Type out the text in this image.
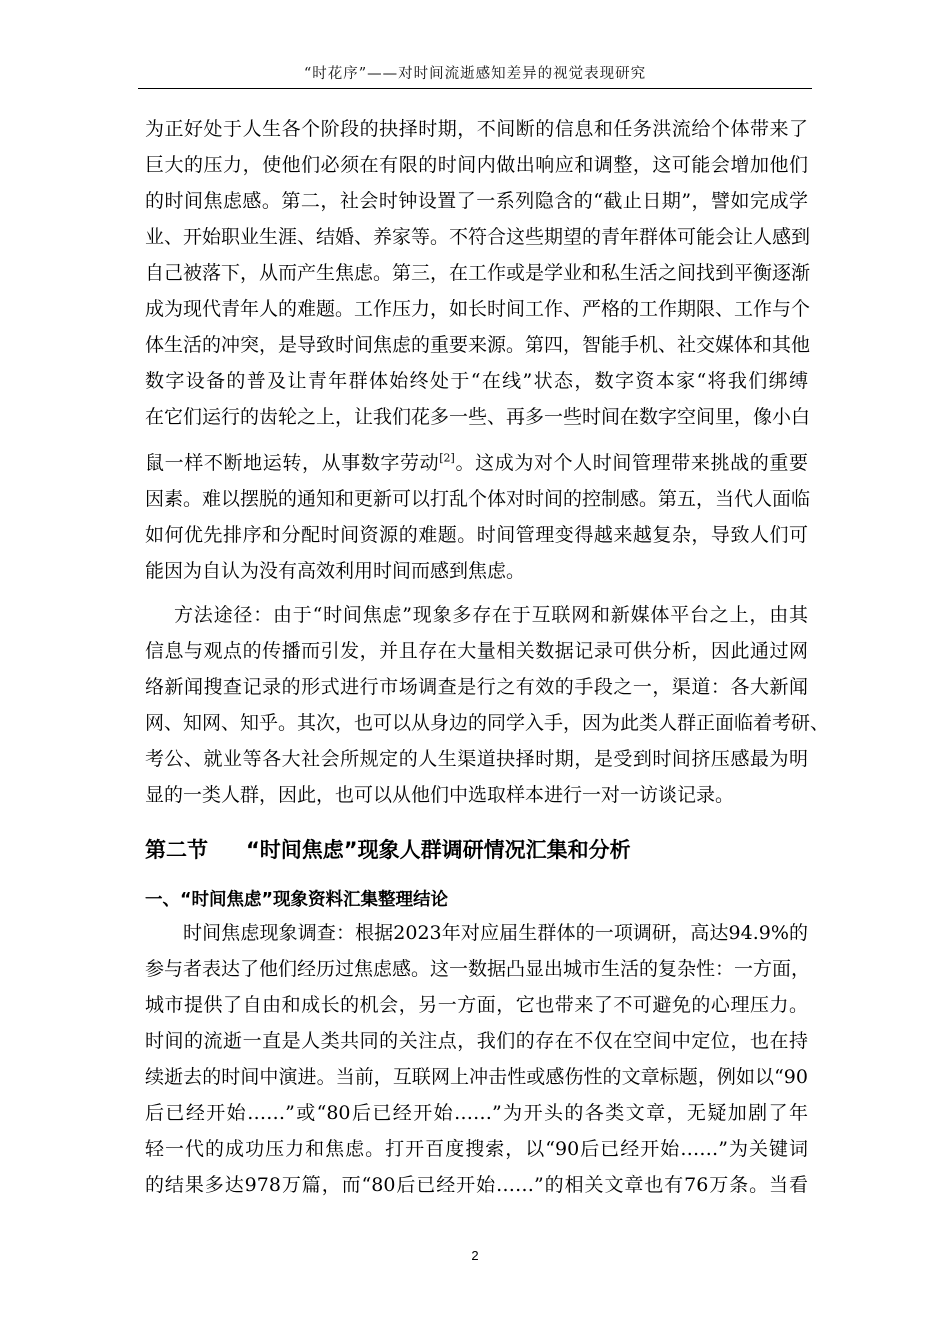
“时花序”——对时间流逝感知差异的视觉表现研究
为正好处于人生各个阶段的抉择时期，不间断的信息和任务洪流给个体带来了
巨大的压力，使他们必须在有限的时间内做出响应和调整，这可能会增加他们
的时间焦虑感。第二，社会时钟设置了一系列隐含的“截止日期”，譬如完成学
业、开始职业生涯、结婚、养家等。不符合这些期望的青年群体可能会让人感到
自己被落下，从而产生焦虑。第三，在工作或是学业和私生活之间找到平衡逐渐
成为现代青年人的难题。工作压力，如长时间工作、严格的工作期限、工作与个
体生活的冲突，是导致时间焦虑的重要来源。第四，智能手机、社交媒体和其他
数字设备的普及让青年群体始终处于“在线”状态，数字资本家“将我们绑缚
在它们运行的齿轮之上，让我们花多一些、再多一些时间在数字空间里，像小白
鼠一样不断地运转，从事数字劳动[2]。这成为对个人时间管理带来挑战的重要
因素。难以摆脱的通知和更新可以打乱个体对时间的控制感。第五，当代人面临
如何优先排序和分配时间资源的难题。时间管理变得越来越复杂，导致人们可
能因为自认为没有高效利用时间而感到焦虑。
方法途径：由于“时间焦虑”现象多存在于互联网和新媒体平台之上，由其
信息与观点的传播而引发，并且存在大量相关数据记录可供分析，因此通过网
络新闻搜查记录的形式进行市场调查是行之有效的手段之一，渠道：各大新闻
网、知网、知乎。其次，也可以从身边的同学入手，因为此类人群正面临着考研、
考公、就业等各大社会所规定的人生渠道抉择时期，是受到时间挤压感最为明
显的一类人群，因此，也可以从他们中选取样本进行一对一访谈记录。
第二节 “时间焦虑”现象人群调研情况汇集和分析
一、“时间焦虑”现象资料汇集整理结论
时间焦虑现象调查：根据2023年对应届生群体的一项调研，高达94.9%的
参与者表达了他们经历过焦虑感。这一数据凸显出城市生活的复杂性：一方面，
城市提供了自由和成长的机会，另一方面，它也带来了不可避免的心理压力。
时间的流逝一直是人类共同的关注点，我们的存在不仅在空间中定位，也在持
续逝去的时间中演进。当前，互联网上冲击性或感伤性的文章标题，例如以“90
后已经开始……”或“80后已经开始……”为开头的各类文章，无疑加剧了年
轻一代的成功压力和焦虑。打开百度搜索，以“90后已经开始……”为关键词
的结果多达978万篇，而“80后已经开始……”的相关文章也有76万条。当看
2
